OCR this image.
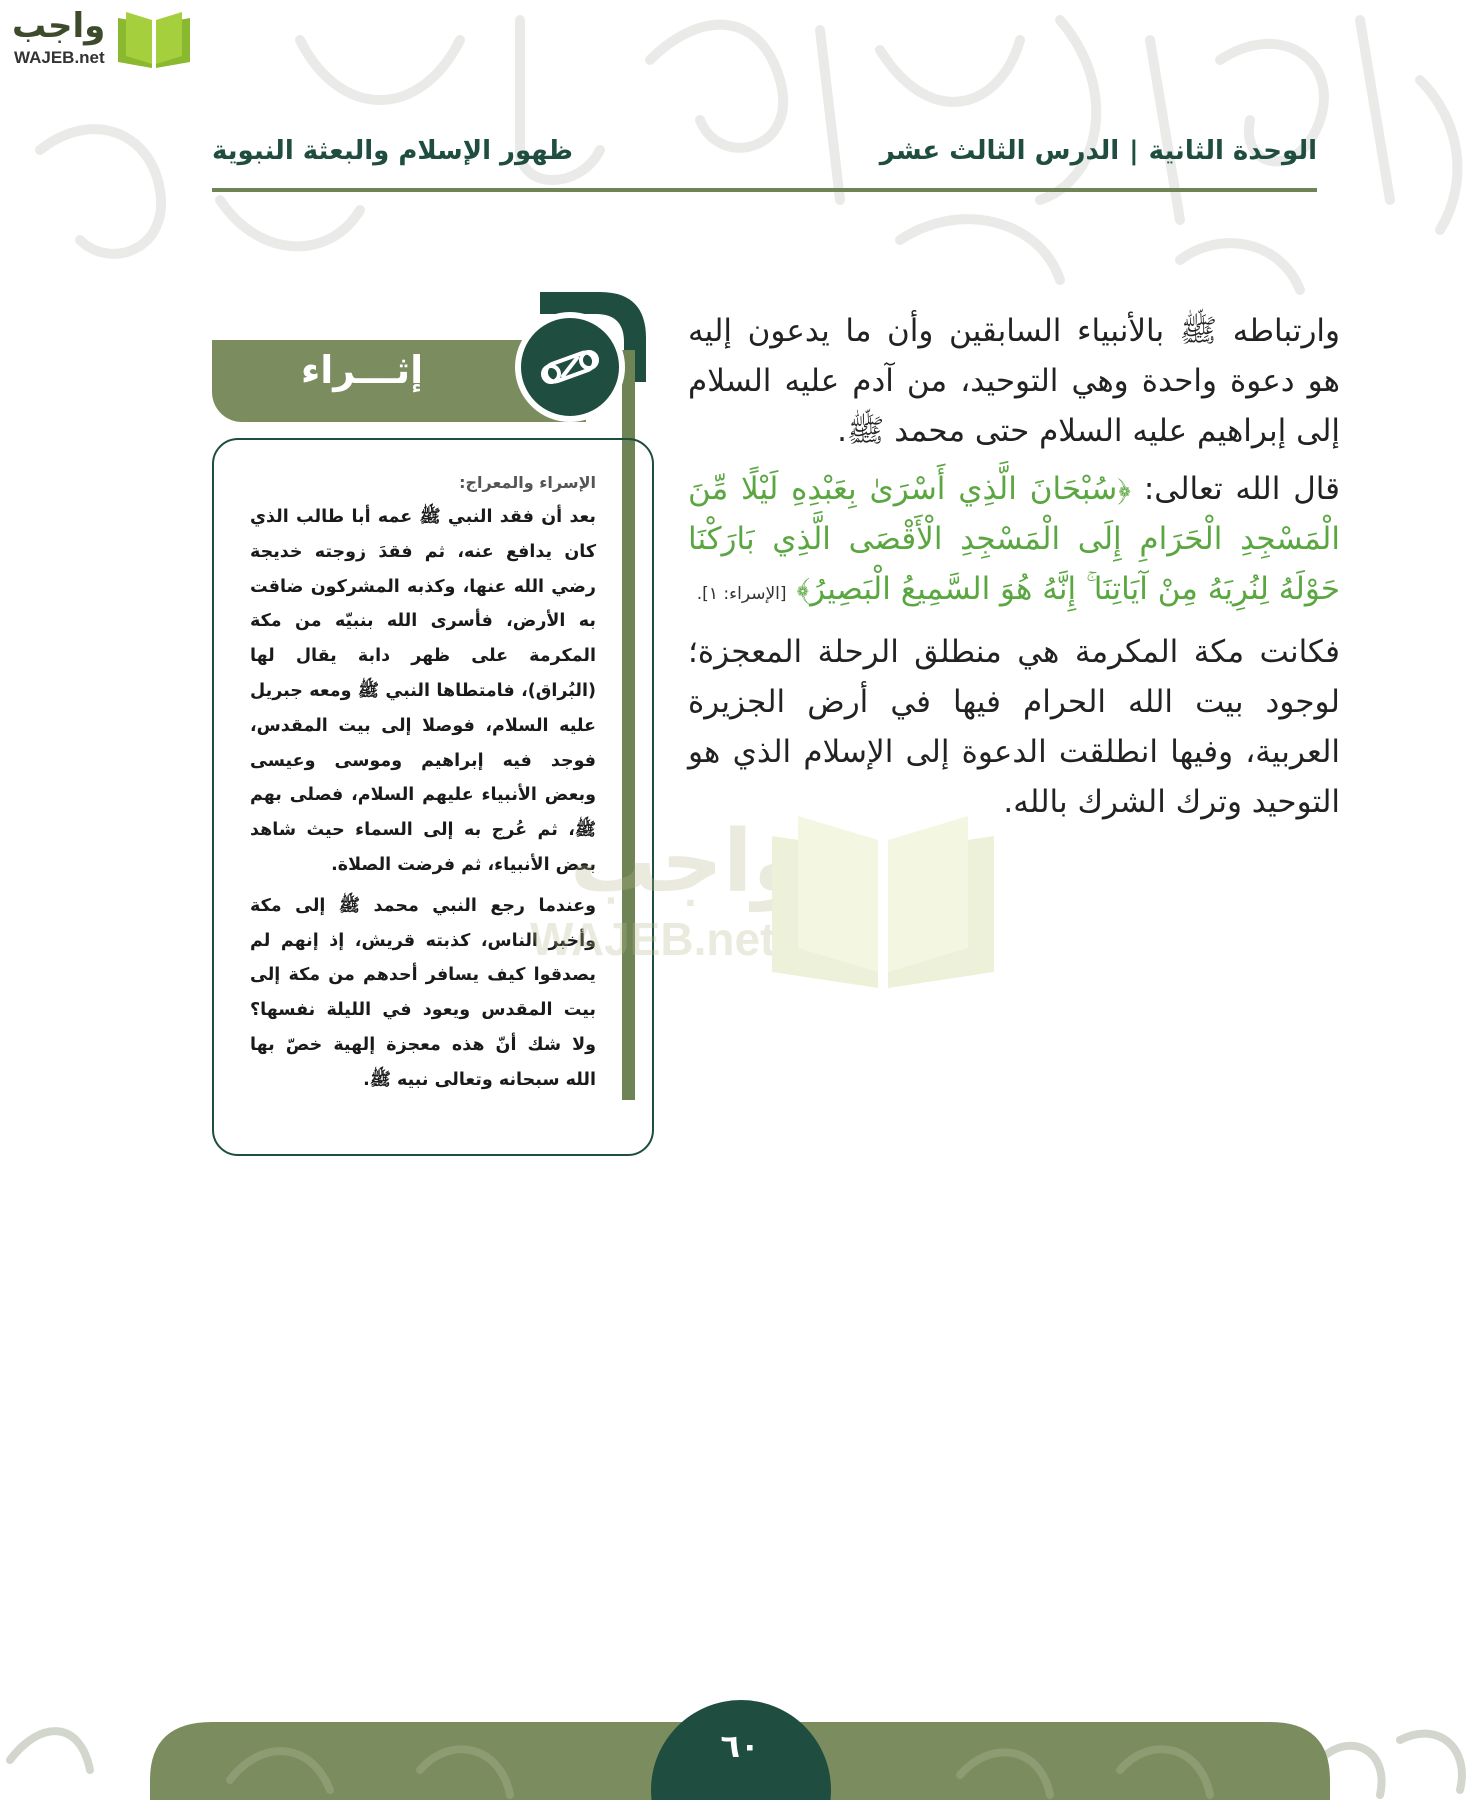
واجب
WAJEB.net
الوحدة الثانية|الدرس الثالث عشر
ظهور الإسلام والبعثة النبوية

وارتباطه ﷺ بالأنبياء السابقين وأن ما يدعون إليه هو دعوة واحدة وهي التوحيد، من آدم عليه السلام إلى إبراهيم عليه السلام حتى محمد ﷺ.

قال الله تعالى: ﴿سُبْحَانَ الَّذِي أَسْرَىٰ بِعَبْدِهِ لَيْلًا مِّنَ الْمَسْجِدِ الْحَرَامِ إِلَى الْمَسْجِدِ الْأَقْصَى الَّذِي بَارَكْنَا حَوْلَهُ لِنُرِيَهُ مِنْ آيَاتِنَا ۚ إِنَّهُ هُوَ السَّمِيعُ الْبَصِيرُ﴾ [الإسراء: ١].

فكانت مكة المكرمة هي منطلق الرحلة المعجزة؛ لوجود بيت الله الحرام فيها في أرض الجزيرة العربية، وفيها انطلقت الدعوة إلى الإسلام الذي هو التوحيد وترك الشرك بالله.

إثـــراء
الإسراء والمعراج:

بعد أن فقد النبي ﷺ عمه أبا طالب الذي كان يدافع عنه، ثم فقدَ زوجته خديجة رضي الله عنها، وكذبه المشركون ضاقت به الأرض، فأسرى الله بنبيّه من مكة المكرمة على ظهر دابة يقال لها (البُراق)، فامتطاها النبي ﷺ ومعه جبريل عليه السلام، فوصلا إلى بيت المقدس، فوجد فيه إبراهيم وموسى وعيسى وبعض الأنبياء عليهم السلام، فصلى بهم ﷺ، ثم عُرج به إلى السماء حيث شاهد بعض الأنبياء، ثم فرضت الصلاة.

وعندما رجع النبي محمد ﷺ إلى مكة وأخبر الناس، كذبته قريش، إذ إنهم لم يصدقوا كيف يسافر أحدهم من مكة إلى بيت المقدس ويعود في الليلة نفسها؟ ولا شك أنّ هذه معجزة إلهية خصّ بها الله سبحانه وتعالى نبيه ﷺ.

واجب
WAJEB.net
٦٠
